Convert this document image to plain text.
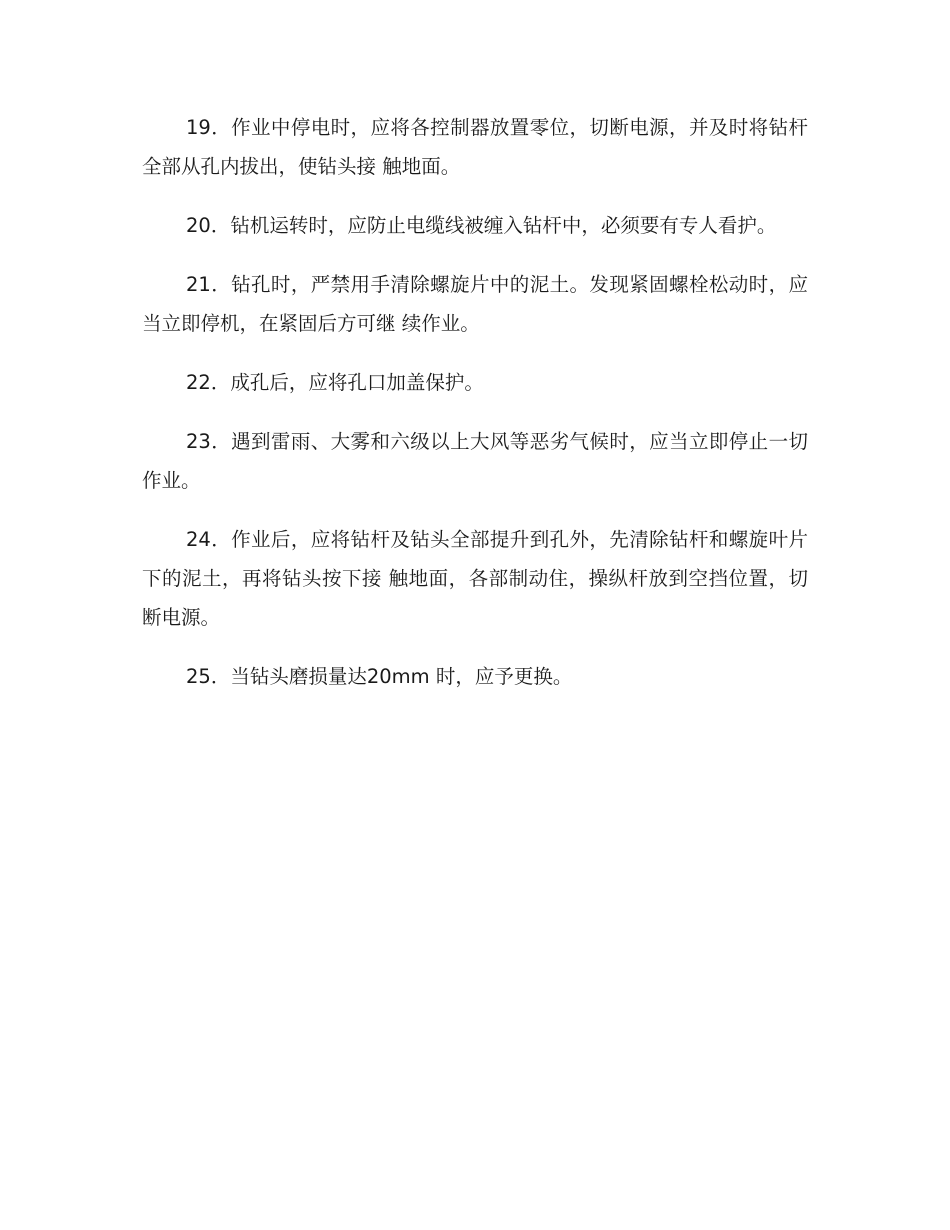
19．作业中停电时，应将各控制器放置零位，切断电源，并及时将钻杆全部从孔内拔出，使钻头接 触地面。

20．钻机运转时，应防止电缆线被缠入钻杆中，必须要有专人看护。

21．钻孔时，严禁用手清除螺旋片中的泥土。发现紧固螺栓松动时，应当立即停机，在紧固后方可继 续作业。

22．成孔后，应将孔口加盖保护。

23．遇到雷雨、大雾和六级以上大风等恶劣气候时，应当立即停止一切作业。

24．作业后，应将钻杆及钻头全部提升到孔外，先清除钻杆和螺旋叶片下的泥土，再将钻头按下接 触地面，各部制动住，操纵杆放到空挡位置，切断电源。

25．当钻头磨损量达20mm 时，应予更换。
